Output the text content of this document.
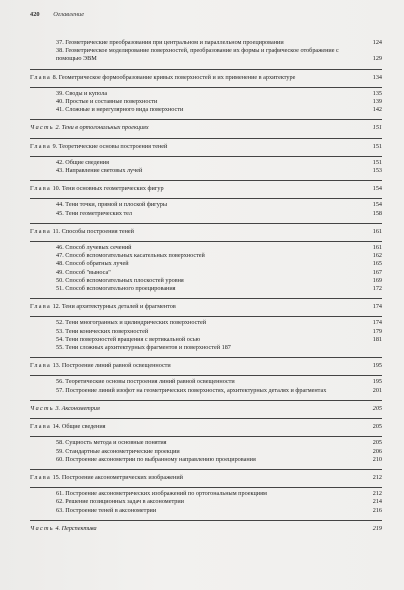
420 Оглавление
37. Геометрические преобразования при центральном и параллельном проецировании	124
38. Геометрическое моделирование поверхностей, преобразование их формы и графическое отображение с помощью ЭВМ	129
Глава 8. Геометрическое формообразование кривых поверхностей и их применение в архитектуре	134
39. Своды и купола	135
40. Простые и составные поверхности	139
41. Сложные и нерегулярного вида поверхности	142
Часть 2. Тени в ортогональных проекциях	151
Глава 9. Теоретические основы построения теней	151
42. Общие сведения	151
43. Направление световых лучей	153
Глава 10. Тени основных геометрических фигур	154
44. Тени точки, прямой и плоской фигуры	154
45. Тени геометрических тел	158
Глава 11. Способы построения теней	161
46. Способ лучевых сечений	161
47. Способ вспомогательных касательных поверхностей	162
48. Способ обратных лучей	165
49. Способ "выноса"	167
50. Способ вспомогательных плоскостей уровня	169
51. Способ вспомогательного проецирования	172
Глава 12. Тени архитектурных деталей и фрагментов	174
52. Тени многогранных и цилиндрических поверхностей	174
53. Тени конических поверхностей	179
54. Тени поверхностей вращения с вертикальной осью	181
55. Тени сложных архитектурных фрагментов и поверхностей 187
Глава 13. Построение линий равной освещенности	195
56. Теоретические основы построения линий равной освещенности	195
57. Построение линий изофот на геометрических поверхностях, архитектурных деталях и фрагментах	201
Часть 3. Аксонометрия	205
Глава 14. Общие сведения	205
58. Сущность метода и основные понятия	205
59. Стандартные аксонометрические проекции	206
60. Построение аксонометрии по выбранному направлению проецирования	210
Глава 15. Построение аксонометрических изображений	212
61. Построение аксонометрических изображений по ортогональным проекциям	212
62. Решение позиционных задач в аксонометрии	214
63. Построение теней в аксонометрии	216
Часть 4. Перспектива	219
